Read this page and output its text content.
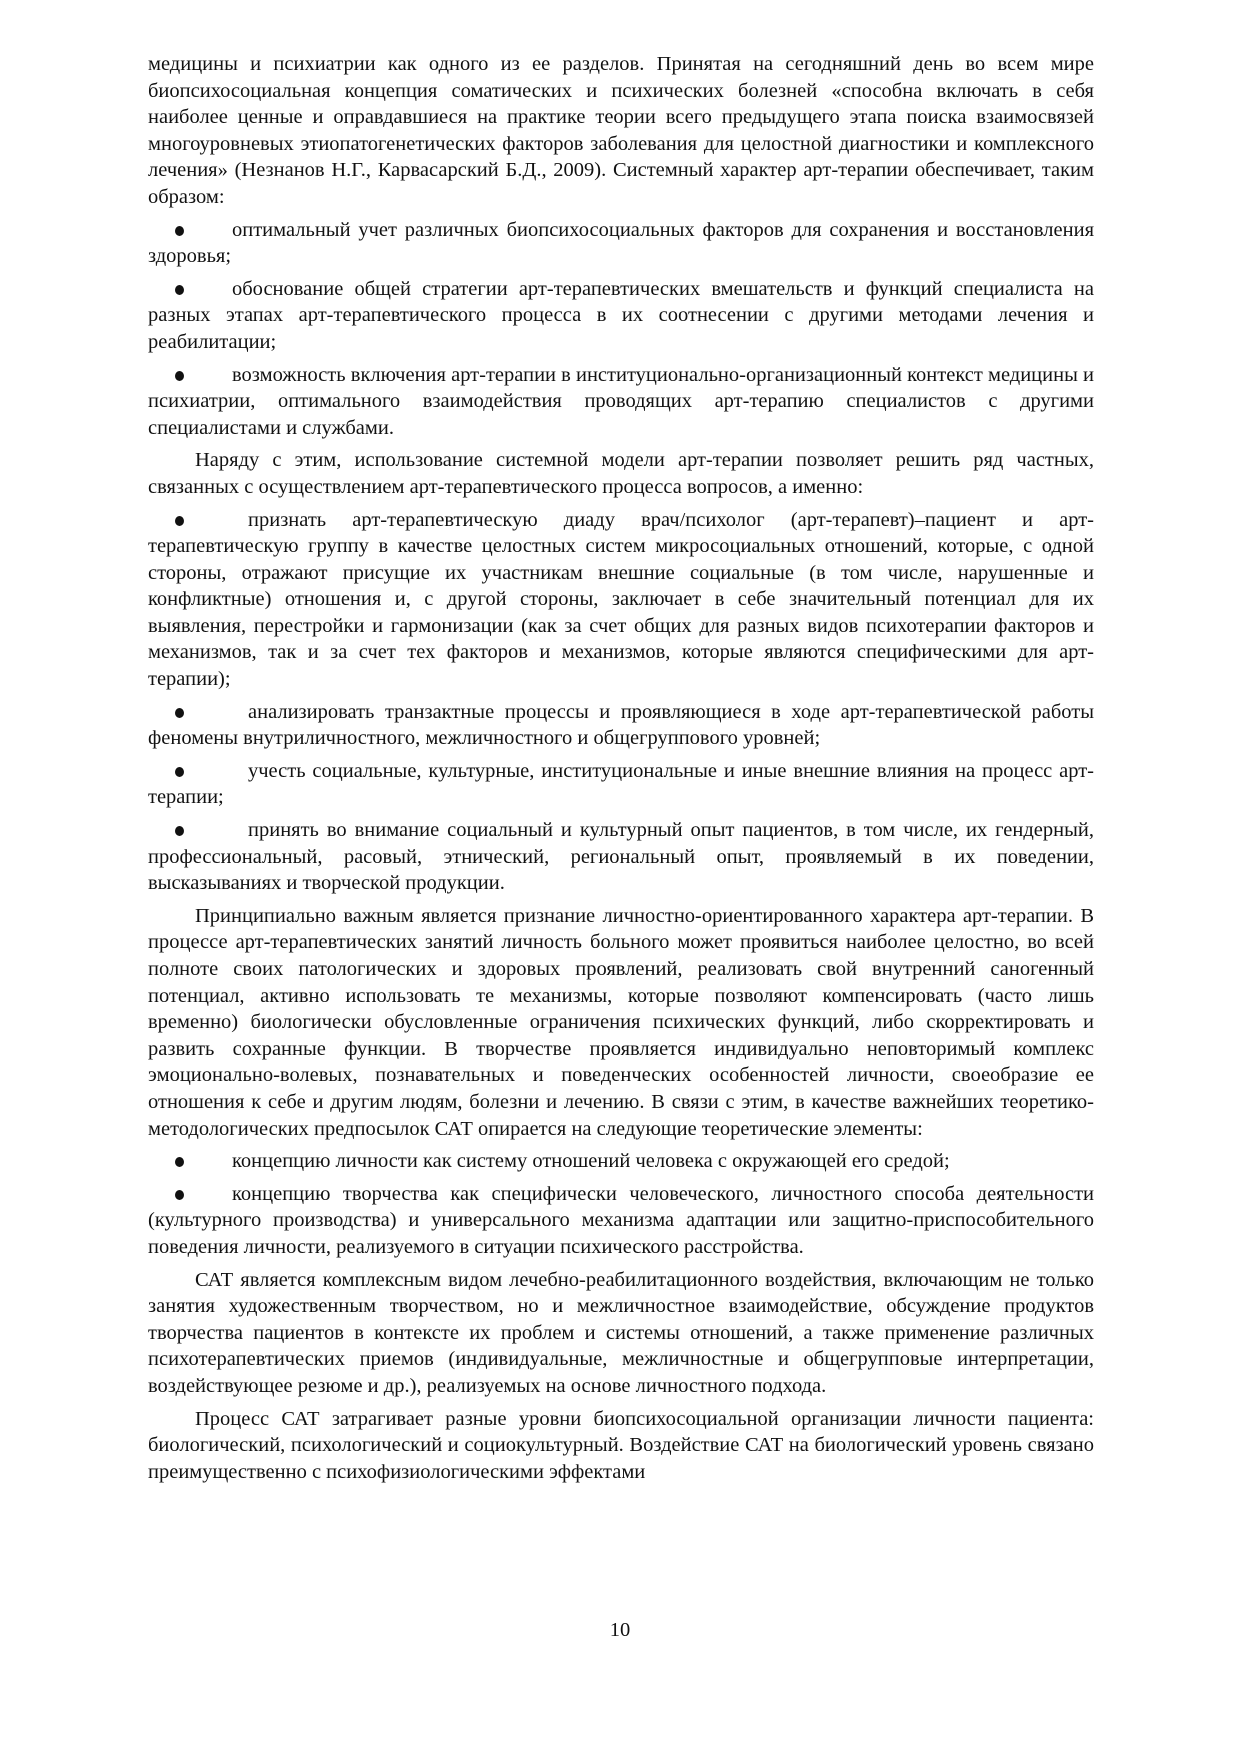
медицины и психиатрии как одного из ее разделов. Принятая на сегодняшний день во всем мире биопсихосоциальная концепция соматических и психических болезней «способна включать в себя наиболее ценные и оправдавшиеся на практике теории всего предыдущего этапа поиска взаимосвязей многоуровневых этиопатогенетических факторов заболевания для целостной диагностики и комплексного лечения» (Незнанов Н.Г., Карвасарский Б.Д., 2009). Системный характер арт-терапии обеспечивает, таким образом:

оптимальный учет различных биопсихосоциальных факторов для сохранения и восстановления здоровья;

обоснование общей стратегии арт-терапевтических вмешательств и функций специалиста на разных этапах арт-терапевтического процесса в их соотнесении с другими методами лечения и реабилитации;

возможность включения арт-терапии в институционально-организационный контекст медицины и психиатрии, оптимального взаимодействия проводящих арт-терапию специалистов с другими специалистами и службами.

Наряду с этим, использование системной модели арт-терапии позволяет решить ряд частных, связанных с осуществлением арт-терапевтического процесса вопросов, а именно:

признать арт-терапевтическую диаду врач/психолог (арт-терапевт)–пациент и арт-терапевтическую группу в качестве целостных систем микросоциальных отношений, которые, с одной стороны, отражают присущие их участникам внешние социальные (в том числе, нарушенные и конфликтные) отношения и, с другой стороны, заключает в себе значительный потенциал для их выявления, перестройки и гармонизации (как за счет общих для разных видов психотерапии факторов и механизмов, так и за счет тех факторов и механизмов, которые являются специфическими для арт-терапии);

анализировать транзактные процессы и проявляющиеся в ходе арт-терапевтической работы феномены внутриличностного, межличностного и общегруппового уровней;

учесть социальные, культурные, институциональные и иные внешние влияния на процесс арт-терапии;

принять во внимание социальный и культурный опыт пациентов, в том числе, их гендерный, профессиональный, расовый, этнический, региональный опыт, проявляемый в их поведении, высказываниях и творческой продукции.

Принципиально важным является признание личностно-ориентированного характера арт-терапии. В процессе арт-терапевтических занятий личность больного может проявиться наиболее целостно, во всей полноте своих патологических и здоровых проявлений, реализовать свой внутренний саногенный потенциал, активно использовать те механизмы, которые позволяют компенсировать (часто лишь временно) биологически обусловленные ограничения психических функций, либо скорректировать и развить сохранные функции. В творчестве проявляется индивидуально неповторимый комплекс эмоционально-волевых, познавательных и поведенческих особенностей личности, своеобразие ее отношения к себе и другим людям, болезни и лечению. В связи с этим, в качестве важнейших теоретико-методологических предпосылок САТ опирается на следующие теоретические элементы:

концепцию личности как систему отношений человека с окружающей его средой;

концепцию творчества как специфически человеческого, личностного способа деятельности (культурного производства) и универсального механизма адаптации или защитно-приспособительного поведения личности, реализуемого в ситуации психического расстройства.

САТ является комплексным видом лечебно-реабилитационного воздействия, включающим не только занятия художественным творчеством, но и межличностное взаимодействие, обсуждение продуктов творчества пациентов в контексте их проблем и системы отношений, а также применение различных психотерапевтических приемов (индивидуальные, межличностные и общегрупповые интерпретации, воздействующее резюме и др.), реализуемых на основе личностного подхода.

Процесс САТ затрагивает разные уровни биопсихосоциальной организации личности пациента: биологический, психологический и социокультурный. Воздействие САТ на биологический уровень связано преимущественно с психофизиологическими эффектами

10
